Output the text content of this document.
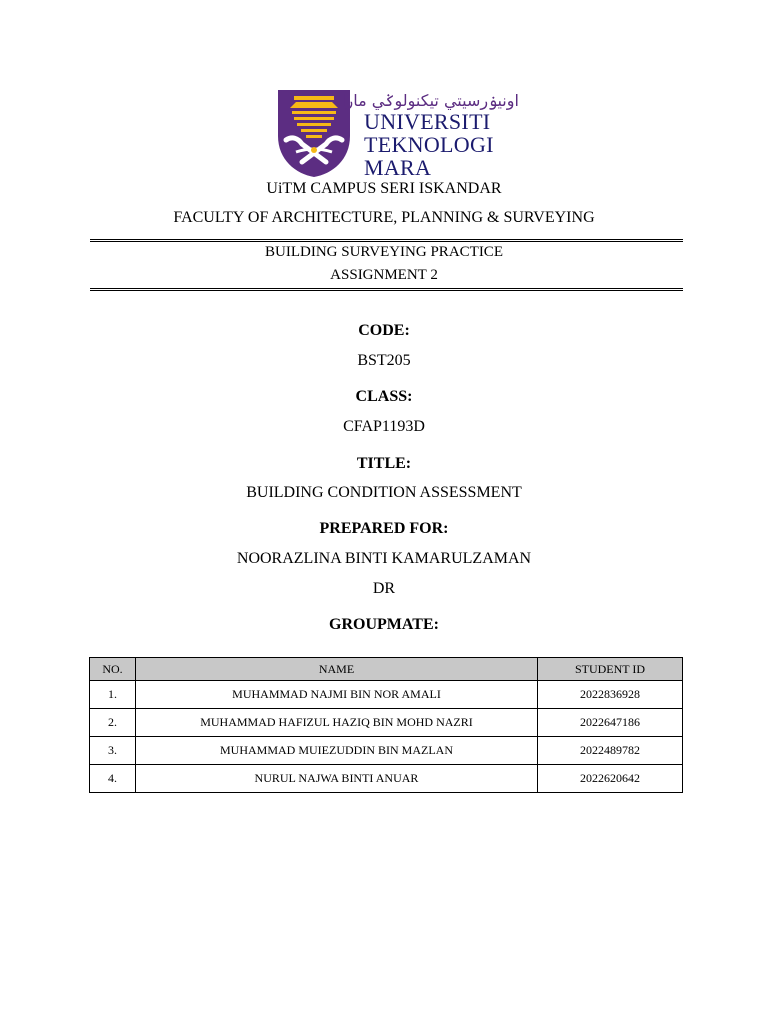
اونيۏرسيتي تيکنولوݢي مارا
UNIVERSITI
TEKNOLOGI
MARA
UiTM CAMPUS SERI ISKANDAR
FACULTY OF ARCHITECTURE, PLANNING & SURVEYING
BUILDING SURVEYING PRACTICE
ASSIGNMENT 2
CODE:
BST205
CLASS:
CFAP1193D
TITLE:
BUILDING CONDITION ASSESSMENT
PREPARED FOR:
NOORAZLINA BINTI KAMARULZAMAN
DR
GROUPMATE:
NO.	NAME	STUDENT ID
1.	MUHAMMAD NAJMI BIN NOR AMALI	2022836928
2.	MUHAMMAD HAFIZUL HAZIQ BIN MOHD NAZRI	2022647186
3.	MUHAMMAD MUIEZUDDIN BIN MAZLAN	2022489782
4.	NURUL NAJWA BINTI ANUAR	2022620642
